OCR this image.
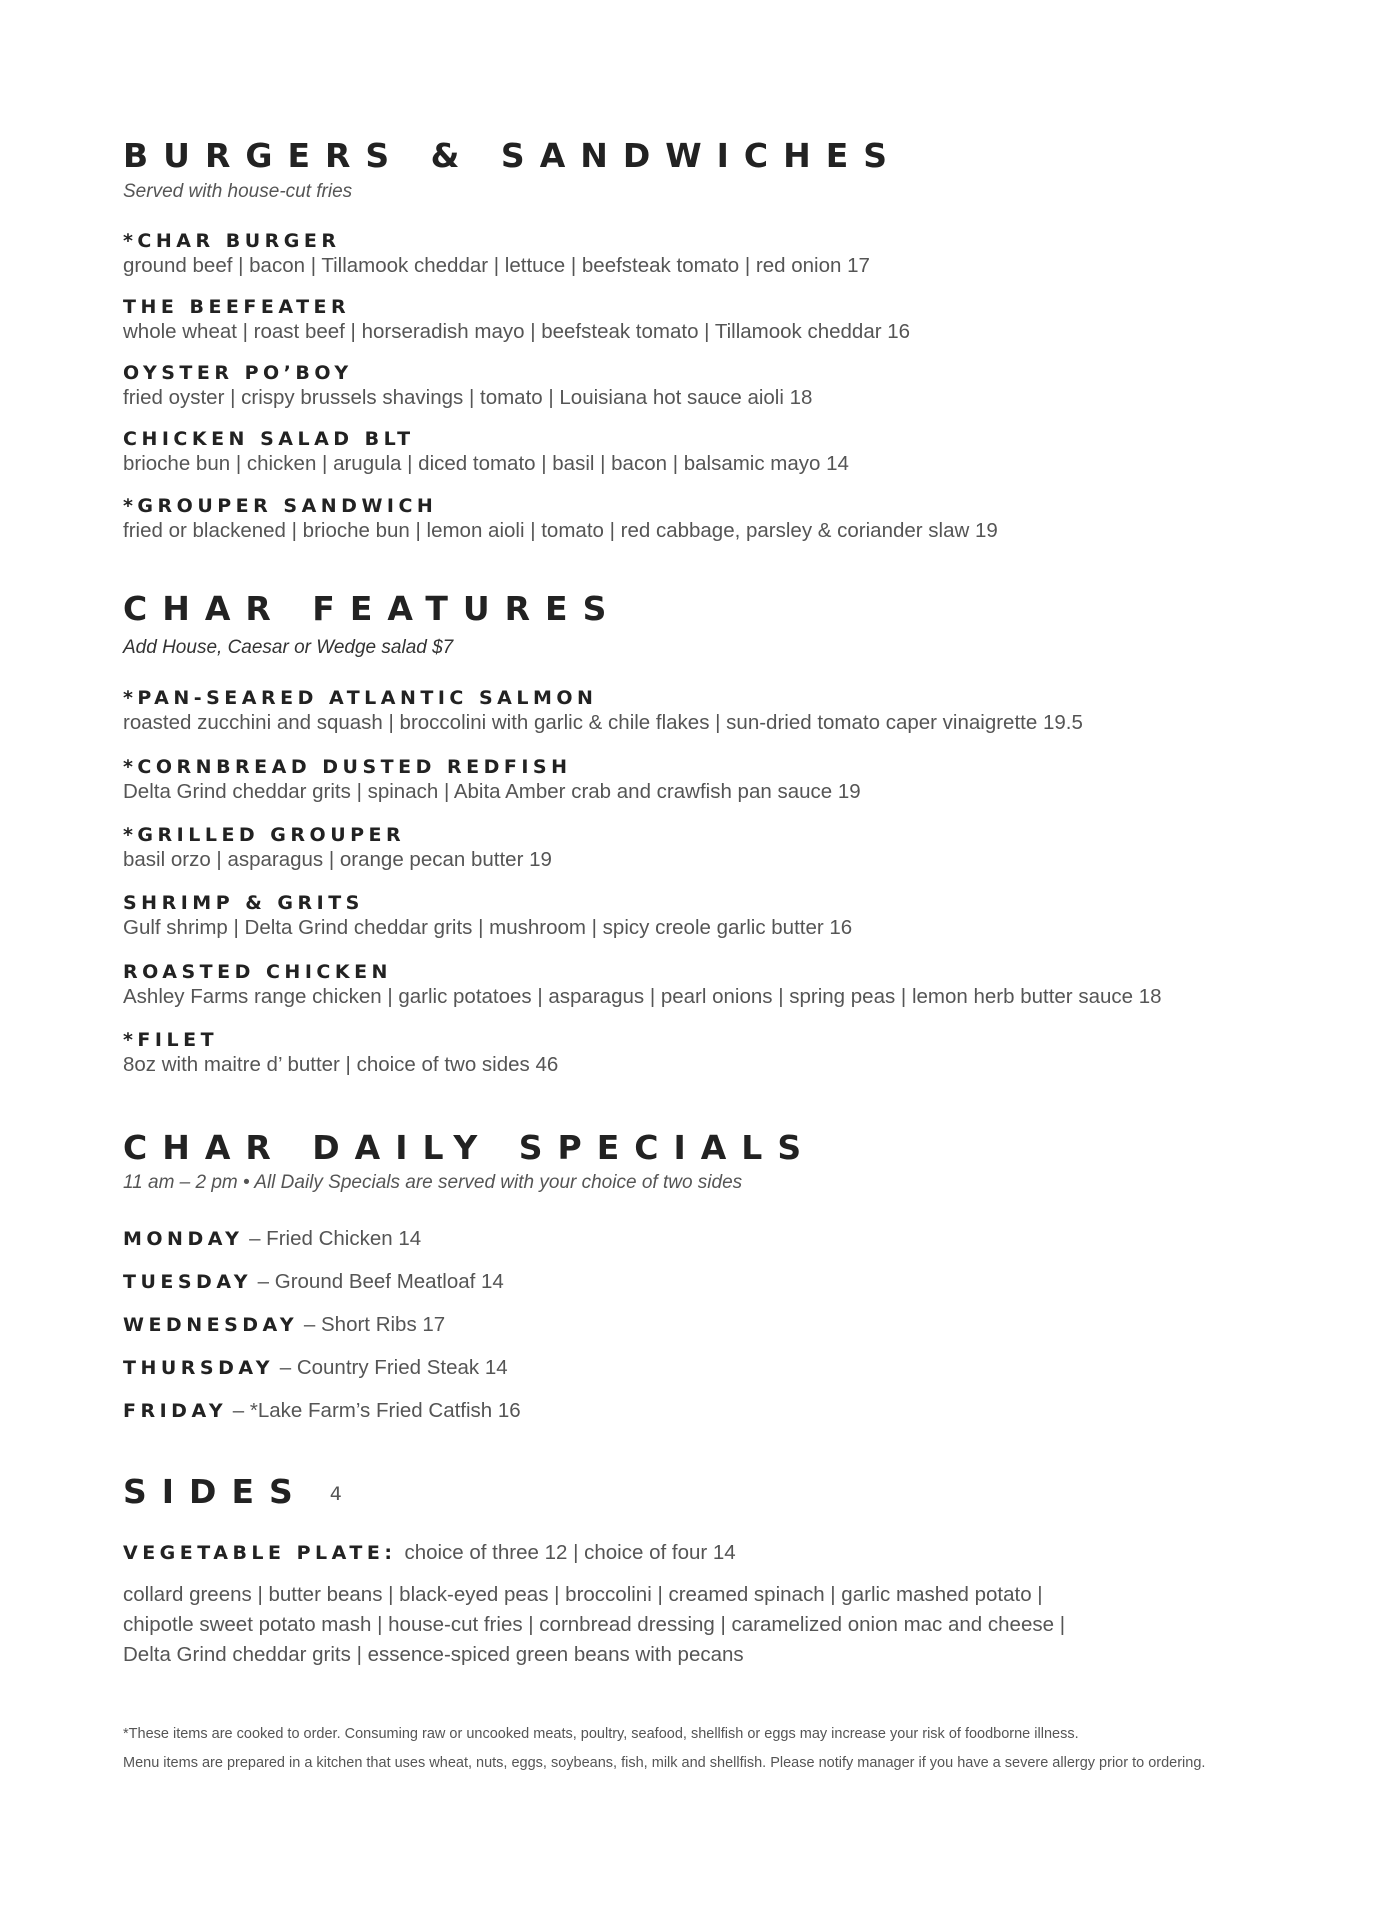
BURGERS & SANDWICHES

Served with house-cut fries

*CHAR BURGER
ground beef | bacon | Tillamook cheddar | lettuce | beefsteak tomato | red onion 17
THE BEEFEATER
whole wheat | roast beef | horseradish mayo | beefsteak tomato | Tillamook cheddar 16
OYSTER PO’BOY
fried oyster | crispy brussels shavings | tomato | Louisiana hot sauce aioli 18
CHICKEN SALAD BLT
brioche bun | chicken | arugula | diced tomato | basil | bacon | balsamic mayo 14
*GROUPER SANDWICH
fried or blackened | brioche bun | lemon aioli | tomato | red cabbage, parsley & coriander slaw 19
CHAR FEATURES

Add House, Caesar or Wedge salad $7

*PAN-SEARED ATLANTIC SALMON
roasted zucchini and squash | broccolini with garlic & chile flakes | sun-dried tomato caper vinaigrette 19.5
*CORNBREAD DUSTED REDFISH
Delta Grind cheddar grits | spinach | Abita Amber crab and crawfish pan sauce 19
*GRILLED GROUPER
basil orzo | asparagus | orange pecan butter 19
SHRIMP & GRITS
Gulf shrimp | Delta Grind cheddar grits | mushroom | spicy creole garlic butter 16
ROASTED CHICKEN
Ashley Farms range chicken | garlic potatoes | asparagus | pearl onions | spring peas | lemon herb butter sauce 18
*FILET
8oz with maitre d’ butter | choice of two sides 46
CHAR DAILY SPECIALS

11 am – 2 pm • All Daily Specials are served with your choice of two sides

MONDAY – Fried Chicken 14
TUESDAY – Ground Beef Meatloaf 14
WEDNESDAY – Short Ribs 17
THURSDAY – Country Fried Steak 14
FRIDAY – *Lake Farm’s Fried Catfish 16
SIDES 4
VEGETABLE PLATE: choice of three 12 | choice of four 14
collard greens | butter beans | black-eyed peas | broccolini | creamed spinach | garlic mashed potato |
chipotle sweet potato mash | house-cut fries | cornbread dressing | caramelized onion mac and cheese |
Delta Grind cheddar grits | essence-spiced green beans with pecans
*These items are cooked to order. Consuming raw or uncooked meats, poultry, seafood, shellfish or eggs may increase your risk of foodborne illness.
Menu items are prepared in a kitchen that uses wheat, nuts, eggs, soybeans, fish, milk and shellfish. Please notify manager if you have a severe allergy prior to ordering.
